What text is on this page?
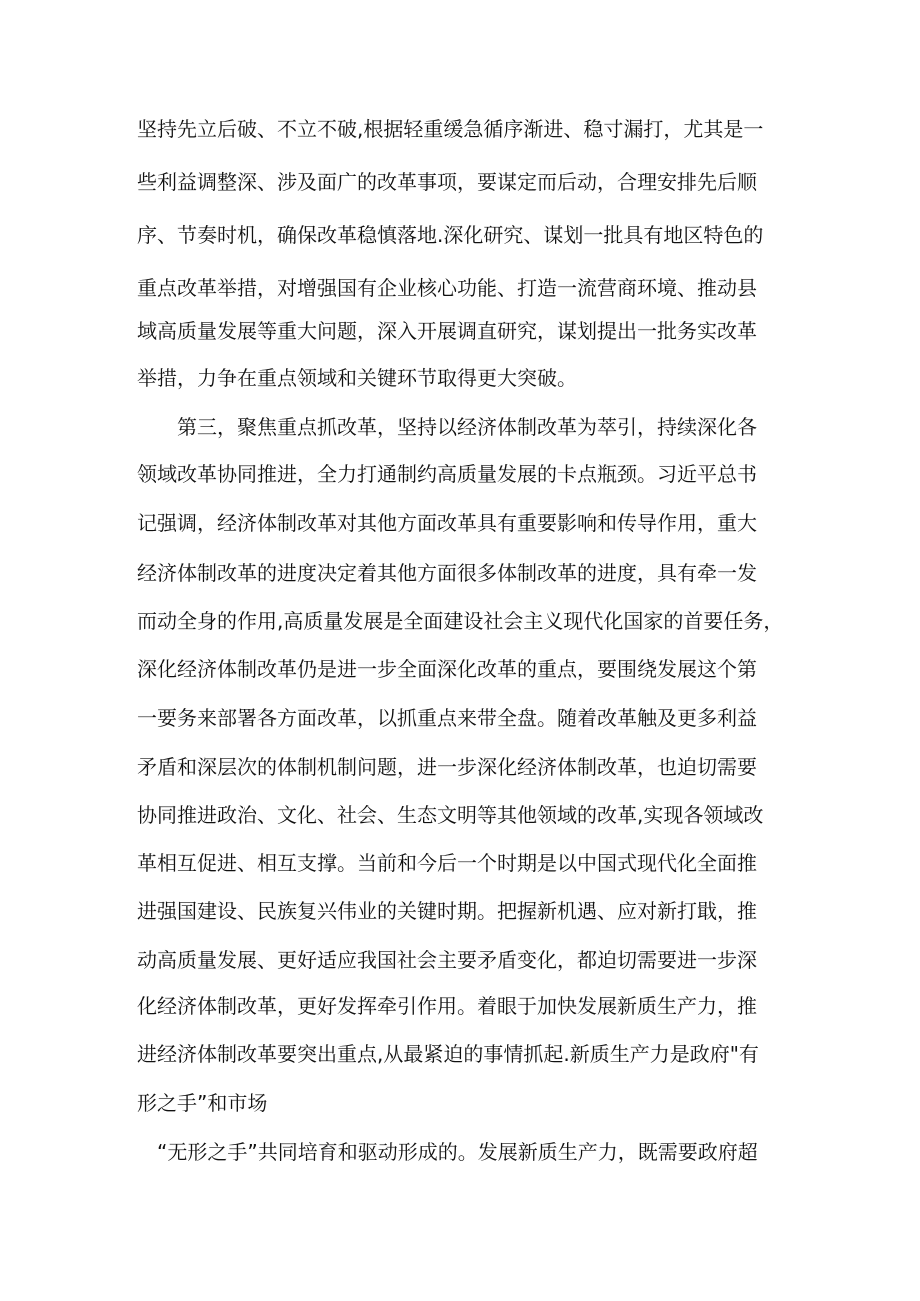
坚持先立后破、不立不破,根据轻重缓急循序渐进、稳寸漏打，尤其是一

些利益调整深、涉及面广的改革事项，要谋定而后动，合理安排先后顺

序、节奏时机，确保改革稳慎落地.深化研究、谋划一批具有地区特色的

重点改革举措，对增强国有企业核心功能、打造一流营商环境、推动县

域高质量发展等重大问题，深入开展调直研究，谋划提出一批务实改革

举措，力争在重点领域和关键环节取得更大突破。

第三，聚焦重点抓改革，坚持以经济体制改革为萃引，持续深化各

领域改革协同推进，全力打通制约高质量发展的卡点瓶颈。习近平总书

记强调，经济体制改革对其他方面改革具有重要影响和传导作用，重大

经济体制改革的进度决定着其他方面很多体制改革的进度，具有牵一发

而动全身的作用,高质量发展是全面建设社会主义现代化国家的首要任务，

深化经济体制改革仍是进一步全面深化改革的重点，要围绕发展这个第

一要务来部署各方面改革，以抓重点来带全盘。随着改革触及更多利益

矛盾和深层次的体制机制问题，进一步深化经济体制改革，也迫切需要

协同推进政治、文化、社会、生态文明等其他领域的改革,实现各领域改

革相互促进、相互支撑。当前和今后一个时期是以中国式现代化全面推

进强国建设、民族复兴伟业的关键时期。把握新机遇、应对新打戢，推

动高质量发展、更好适应我国社会主要矛盾变化，都迫切需要进一步深

化经济体制改革，更好发挥牵引作用。着眼于加快发展新质生产力，推

进经济体制改革要突出重点,从最紧迫的事情抓起.新质生产力是政府"有

形之手”和市场

“无形之手”共同培育和驱动形成的。发展新质生产力，既需要政府超
